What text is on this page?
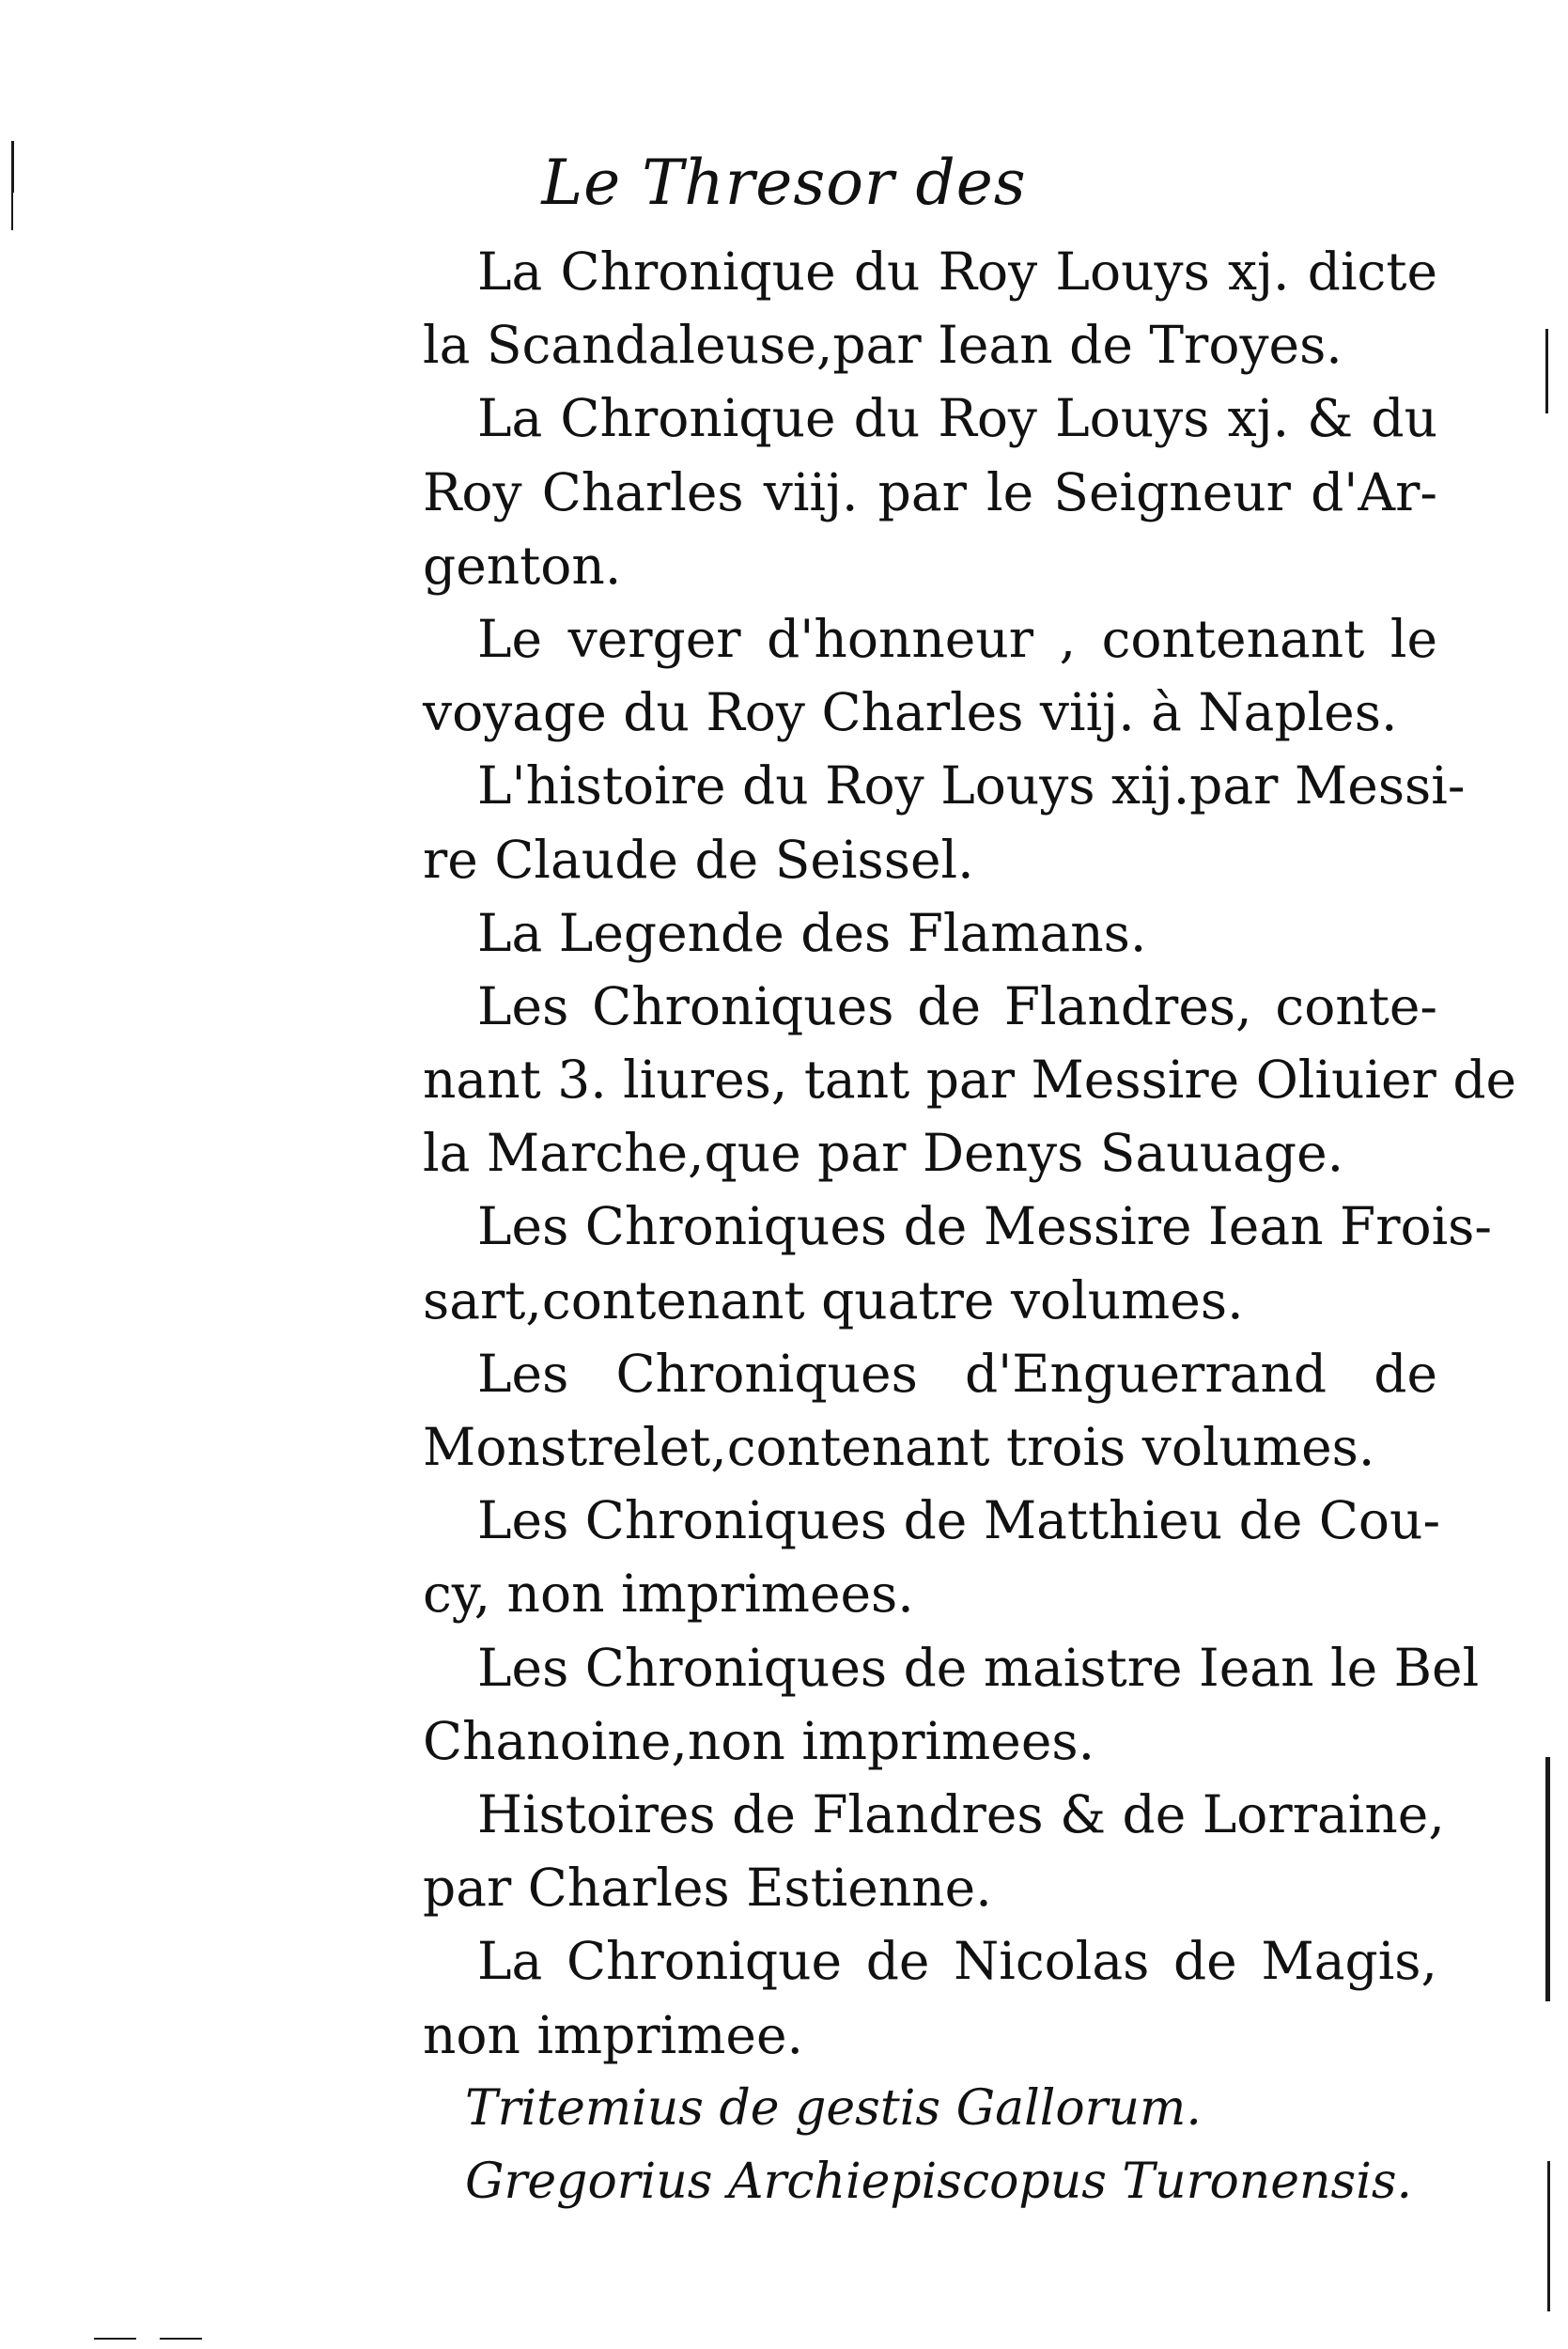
Le Thresor des
La Chronique du Roy Louys xj. dicte
la Scandaleuse,par Iean de Troyes.
La Chronique du Roy Louys xj. & du
Roy Charles viij. par le Seigneur d'Ar-
genton.
Le verger d'honneur , contenant le
voyage du Roy Charles viij. à Naples.
L'histoire du Roy Louys xij.par Messi-
re Claude de Seissel.
La Legende des Flamans.
Les Chroniques de Flandres, conte-
nant 3. liures, tant par Messire Oliuier de
la Marche,que par Denys Sauuage.
Les Chroniques de Messire Iean Frois-
sart,contenant quatre volumes.
Les Chroniques d'Enguerrand de
Monstrelet,contenant trois volumes.
Les Chroniques de Matthieu de Cou-
cy, non imprimees.
Les Chroniques de maistre Iean le Bel
Chanoine,non imprimees.
Histoires de Flandres & de Lorraine,
par Charles Estienne.
La Chronique de Nicolas de Magis,
non imprimee.
Tritemius de gestis Gallorum.
Gregorius Archiepiscopus Turonensis.
